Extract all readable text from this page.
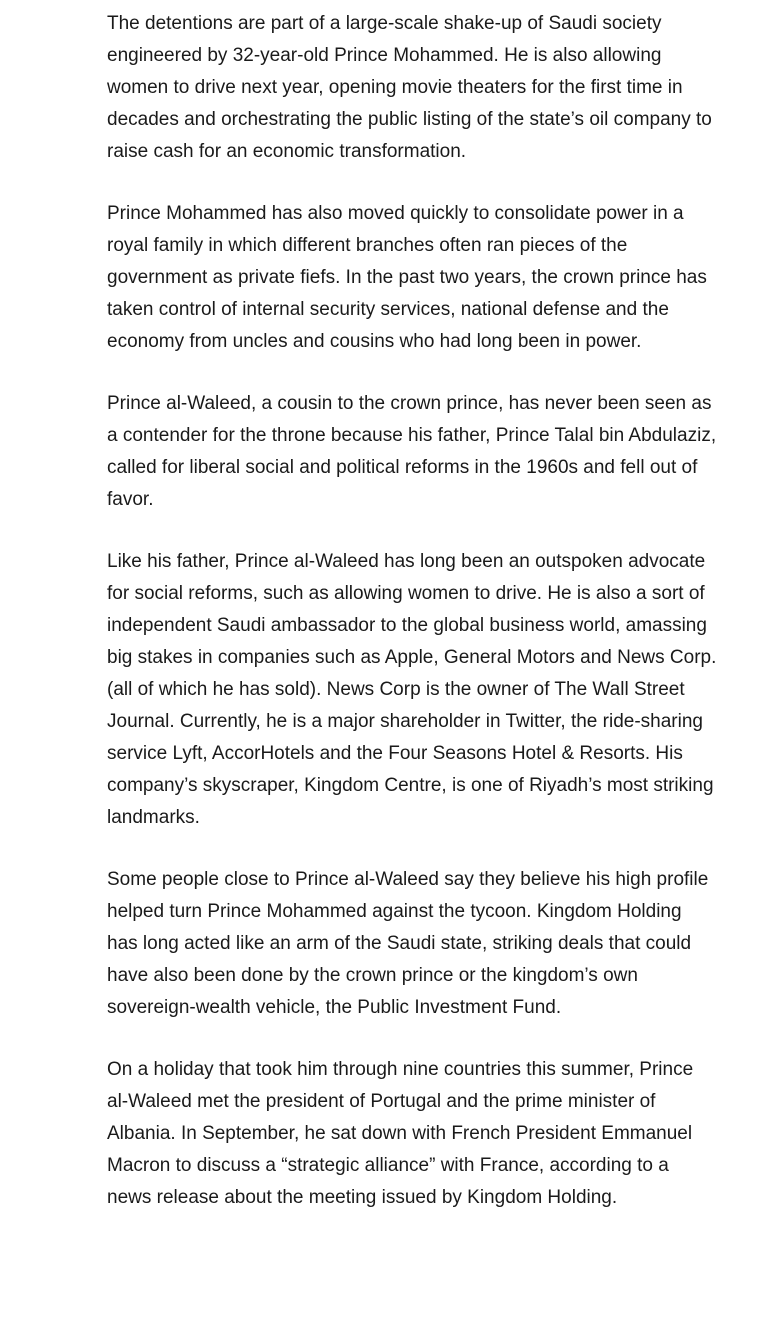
The detentions are part of a large-scale shake-up of Saudi society engineered by 32-year-old Prince Mohammed. He is also allowing women to drive next year, opening movie theaters for the first time in decades and orchestrating the public listing of the state’s oil company to raise cash for an economic transformation.

Prince Mohammed has also moved quickly to consolidate power in a royal family in which different branches often ran pieces of the government as private fiefs. In the past two years, the crown prince has taken control of internal security services, national defense and the economy from uncles and cousins who had long been in power.

Prince al-Waleed, a cousin to the crown prince, has never been seen as a contender for the throne because his father, Prince Talal bin Abdulaziz, called for liberal social and political reforms in the 1960s and fell out of favor.

Like his father, Prince al-Waleed has long been an outspoken advocate for social reforms, such as allowing women to drive. He is also a sort of independent Saudi ambassador to the global business world, amassing big stakes in companies such as Apple, General Motors and News Corp. (all of which he has sold). News Corp is the owner of The Wall Street Journal. Currently, he is a major shareholder in Twitter, the ride-sharing service Lyft, AccorHotels and the Four Seasons Hotel & Resorts. His company’s skyscraper, Kingdom Centre, is one of Riyadh’s most striking landmarks.

Some people close to Prince al-Waleed say they believe his high profile helped turn Prince Mohammed against the tycoon. Kingdom Holding has long acted like an arm of the Saudi state, striking deals that could have also been done by the crown prince or the kingdom’s own sovereign-wealth vehicle, the Public Investment Fund.

On a holiday that took him through nine countries this summer, Prince al-Waleed met the president of Portugal and the prime minister of Albania. In September, he sat down with French President Emmanuel Macron to discuss a “strategic alliance” with France, according to a news release about the meeting issued by Kingdom Holding.
